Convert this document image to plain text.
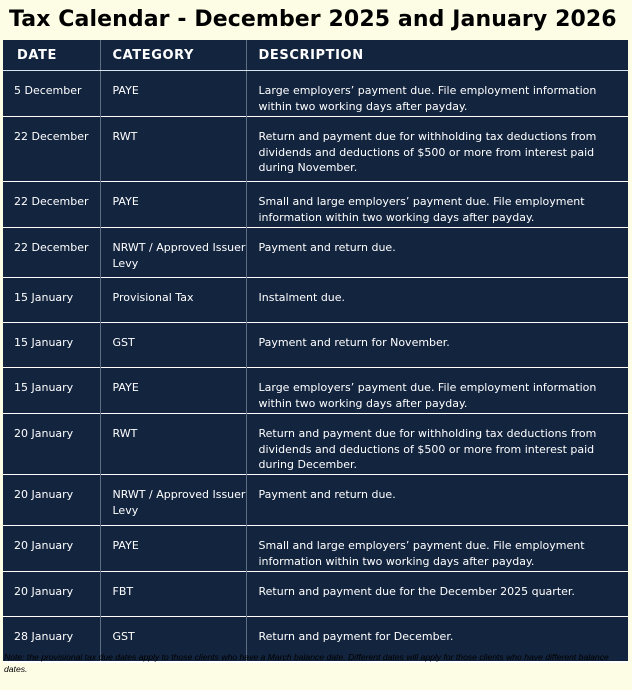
Tax Calendar - December 2025 and January 2026
DATE	CATEGORY	DESCRIPTION
5 December	PAYE	Large employers’ payment due. File employment information within two working days after payday.
22 December	RWT	Return and payment due for withholding tax deductions from dividends and deductions of $500 or more from interest paid during November.
22 December	PAYE	Small and large employers’ payment due. File employment information within two working days after payday.
22 December	NRWT / Approved Issuer Levy	Payment and return due.
15 January	Provisional Tax	Instalment due.
15 January	GST	Payment and return for November.
15 January	PAYE	Large employers’ payment due. File employment information within two working days after payday.
20 January	RWT	Return and payment due for withholding tax deductions from dividends and deductions of $500 or more from interest paid during December.
20 January	NRWT / Approved Issuer Levy	Payment and return due.
20 January	PAYE	Small and large employers’ payment due. File employment information within two working days after payday.
20 January	FBT	Return and payment due for the December 2025 quarter.
28 January	GST	Return and payment for December.

Note: the provisional tax due dates apply to those clients who have a March balance date. Different dates will apply for those clients who have different balance dates.
